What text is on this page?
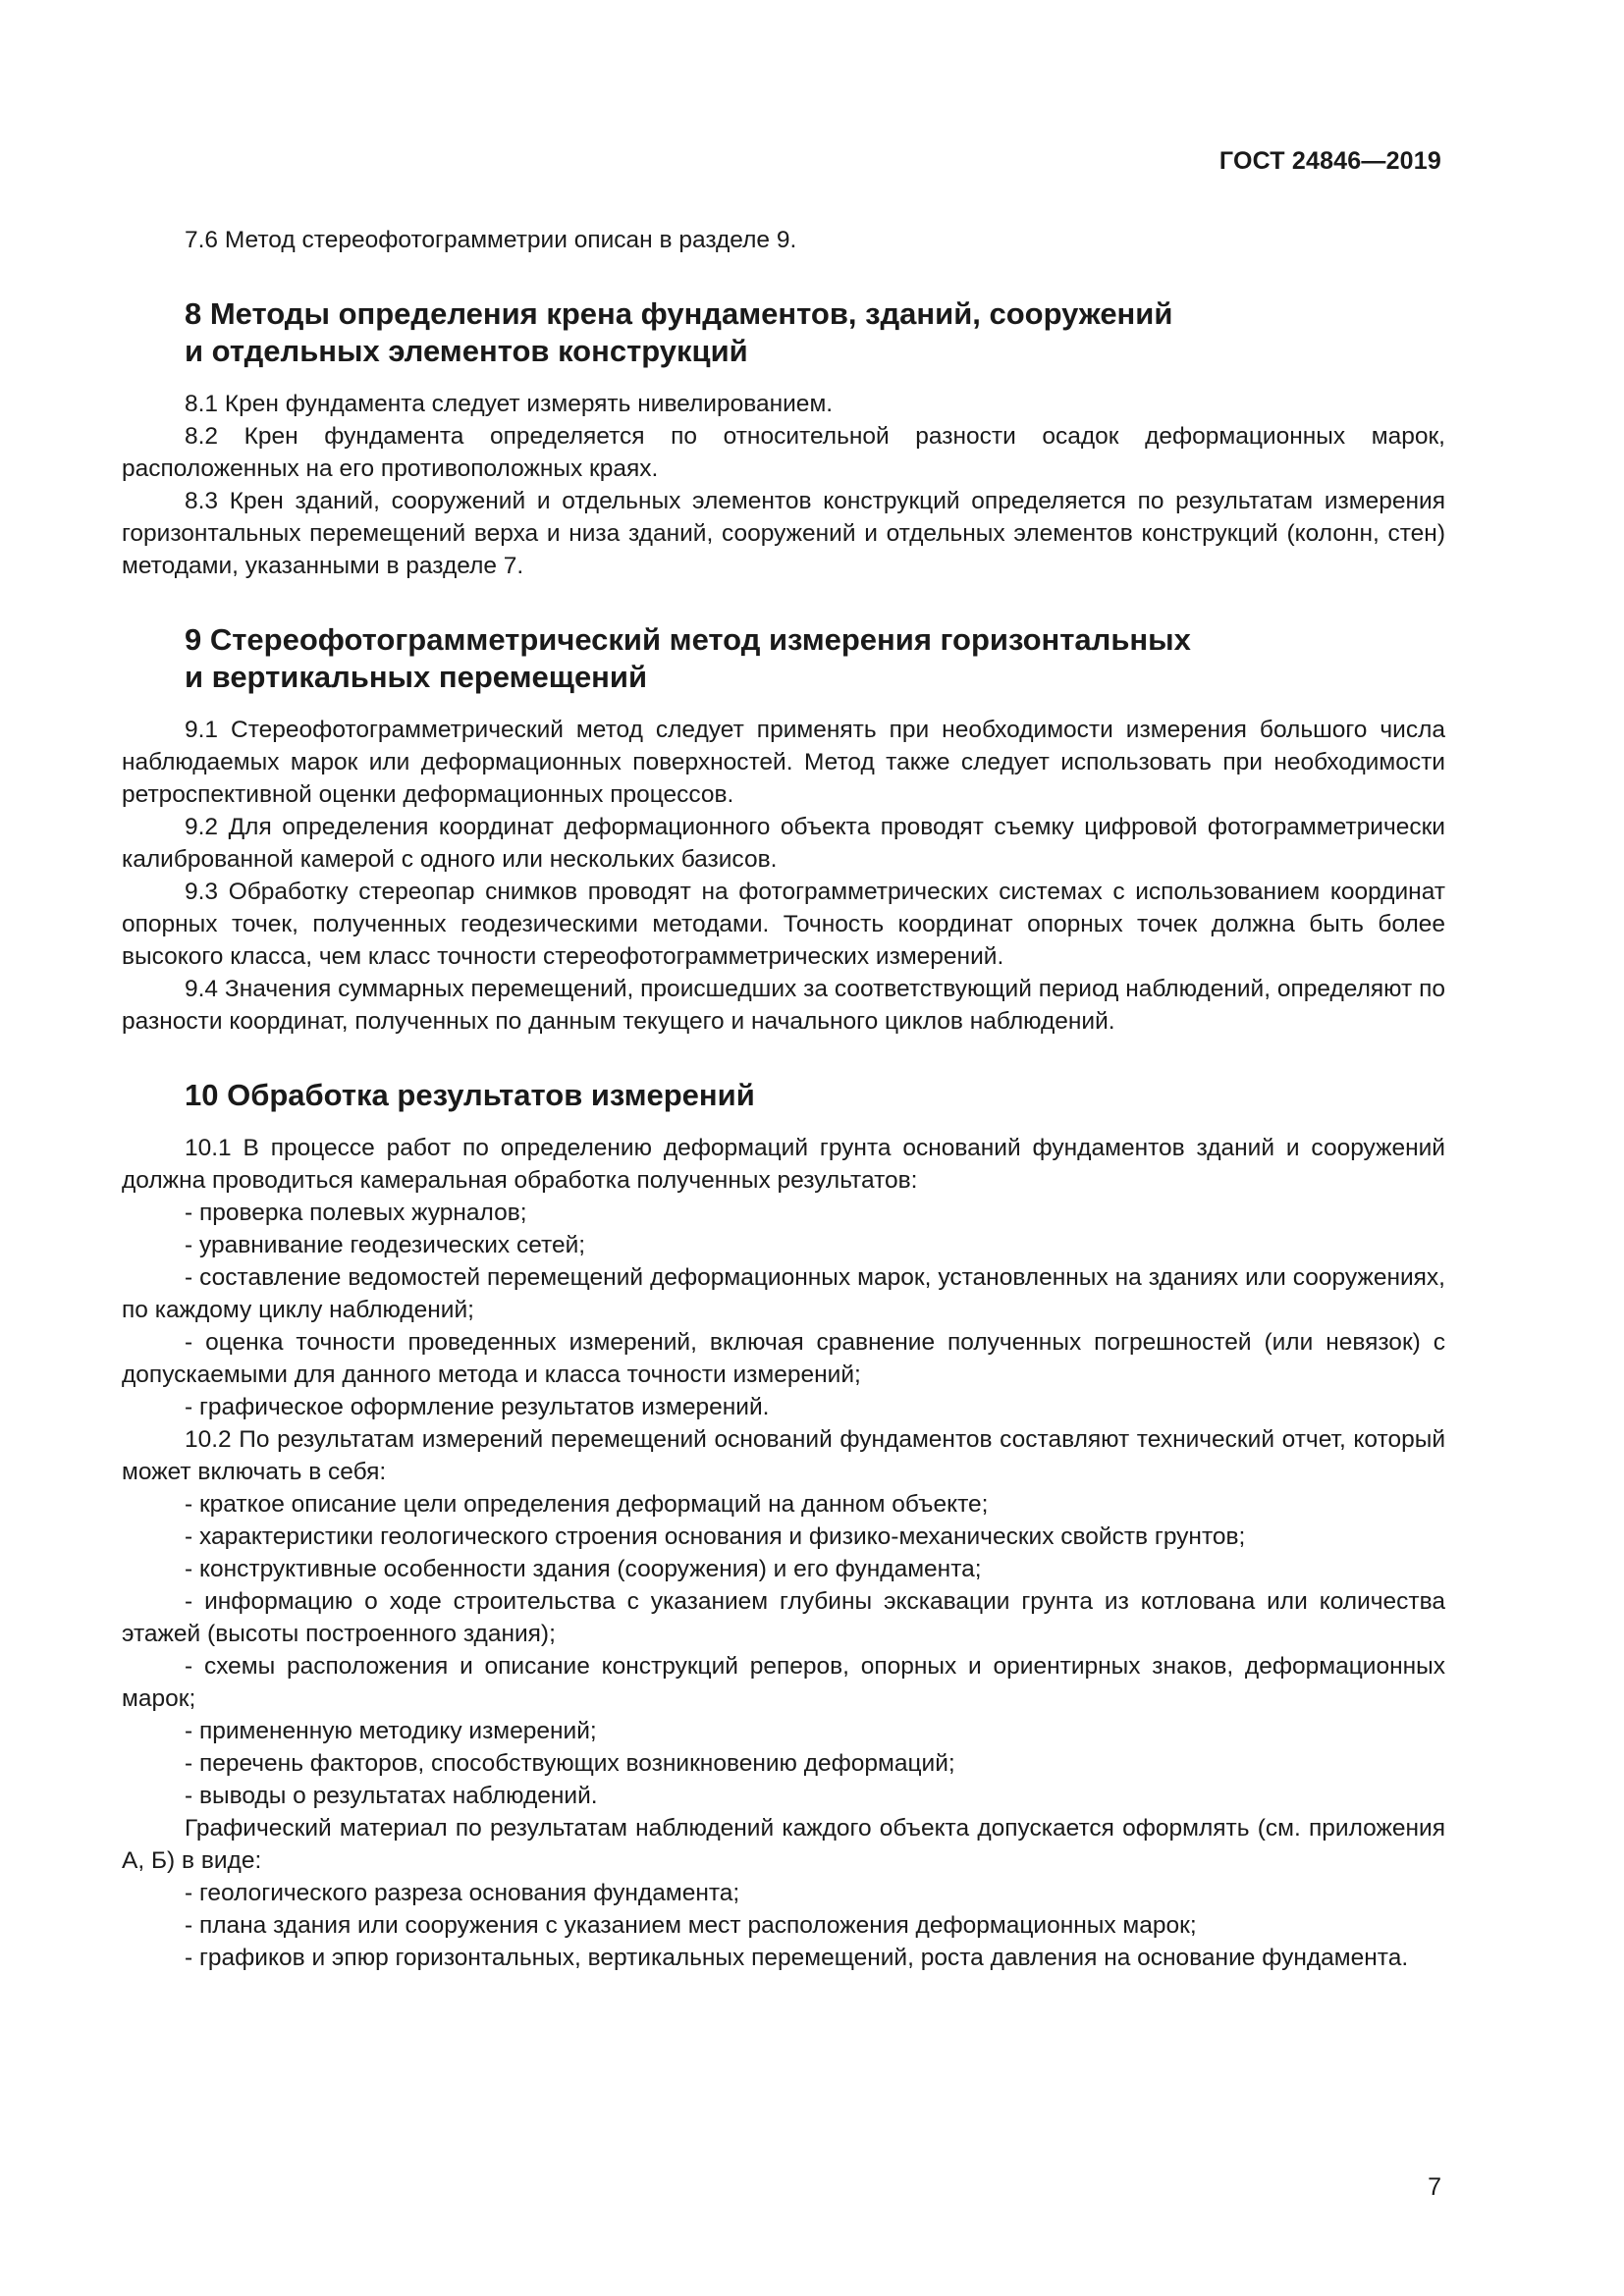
ГОСТ 24846—2019

7.6 Метод стереофотограмметрии описан в разделе 9.

8 Методы определения крена фундаментов, зданий, сооружений
и отдельных элементов конструкций

8.1 Крен фундамента следует измерять нивелированием.

8.2 Крен фундамента определяется по относительной разности осадок деформационных марок, расположенных на его противоположных краях.

8.3 Крен зданий, сооружений и отдельных элементов конструкций определяется по результатам измерения горизонтальных перемещений верха и низа зданий, сооружений и отдельных элементов конструкций (колонн, стен) методами, указанными в разделе 7.

9 Стереофотограмметрический метод измерения горизонтальных
и вертикальных перемещений

9.1 Стереофотограмметрический метод следует применять при необходимости измерения большого числа наблюдаемых марок или деформационных поверхностей. Метод также следует использовать при необходимости ретроспективной оценки деформационных процессов.

9.2 Для определения координат деформационного объекта проводят съемку цифровой фотограмметрически калиброванной камерой с одного или нескольких базисов.

9.3 Обработку стереопар снимков проводят на фотограмметрических системах с использованием координат опорных точек, полученных геодезическими методами. Точность координат опорных точек должна быть более высокого класса, чем класс точности стереофотограмметрических измерений.

9.4 Значения суммарных перемещений, происшедших за соответствующий период наблюдений, определяют по разности координат, полученных по данным текущего и начального циклов наблюдений.

10 Обработка результатов измерений

10.1 В процессе работ по определению деформаций грунта оснований фундаментов зданий и сооружений должна проводиться камеральная обработка полученных результатов:

- проверка полевых журналов;

- уравнивание геодезических сетей;

- составление ведомостей перемещений деформационных марок, установленных на зданиях или сооружениях, по каждому циклу наблюдений;

- оценка точности проведенных измерений, включая сравнение полученных погрешностей (или невязок) с допускаемыми для данного метода и класса точности измерений;

- графическое оформление результатов измерений.

10.2 По результатам измерений перемещений оснований фундаментов составляют технический отчет, который может включать в себя:

- краткое описание цели определения деформаций на данном объекте;

- характеристики геологического строения основания и физико-механических свойств грунтов;

- конструктивные особенности здания (сооружения) и его фундамента;

- информацию о ходе строительства с указанием глубины экскавации грунта из котлована или количества этажей (высоты построенного здания);

- схемы расположения и описание конструкций реперов, опорных и ориентирных знаков, деформационных марок;

- примененную методику измерений;

- перечень факторов, способствующих возникновению деформаций;

- выводы о результатах наблюдений.

Графический материал по результатам наблюдений каждого объекта допускается оформлять (см. приложения А, Б) в виде:

- геологического разреза основания фундамента;

- плана здания или сооружения с указанием мест расположения деформационных марок;

- графиков и эпюр горизонтальных, вертикальных перемещений, роста давления на основание фундамента.

7
